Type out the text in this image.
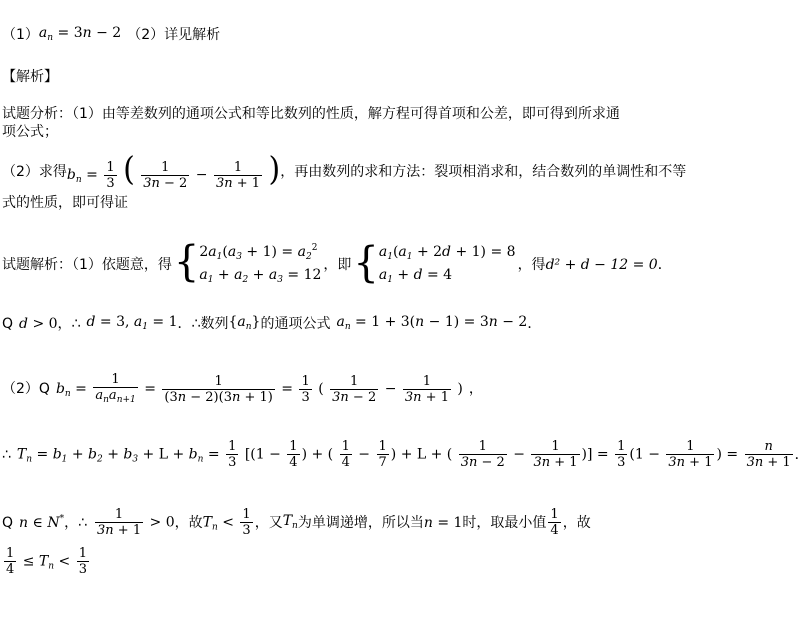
（1） $a_n = 3n - 2$ （2） 详见解析
【解析】
试题分析：（1）由等差数列的通项公式和等比数列的性质，解方程可得首项和公差，即可得到所求通
项公式；
（2）求得 $b_n = \frac{1}{3}$ ( $\frac{1}{3n - 2} - \frac{1}{3n + 1}$ ) ，再由数列的求和方法：裂项相消求和，结合数列的单调性和不等
式的性质，即可得证
试题解析：（1）依题意，得 { $2a_1(a_3 + 1) = a_2^2$
$a_1 + a_2 + a_3 = 12$
，即 { $a_1(a_1 + 2d + 1) = 8$
$a_1 + d = 4$
，得 d² + d − 12 = 0 ．
Q d > 0 ，∴ d = 3, $a_1 = 1$ ．∴数列 $\{a_n\}$ 的通项公式 $a_n = 1 + 3(n - 1) = 3n - 2$ ．
（2） Q $b_n = \frac{1}{a_na_{n+1}} = \frac{1}{(3n - 2)(3n + 1)} = \frac{1}{3}$ ( $\frac{1}{3n - 2} - \frac{1}{3n + 1}$ ) ，
∴ $T_n = b_1 + b_2 + b_3 + L + b_n = \frac{1}{3} [(1 - \frac{1}{4}$ ) + ( $\frac{1}{4} - \frac{1}{7}$ ) + L + ( $\frac{1}{3n - 2} - \frac{1}{3n + 1}$ )] = $\frac{1}{3} (1 - \frac{1}{3n + 1}$ ) = $\frac{n}{3n + 1}$ ．
Q n ∈ N* ，∴ $\frac{1}{3n + 1} > 0$ ，故 $T_n < \frac{1}{3}$ ，又 $T_n$ 为单调递增，所以当 n = 1 时，取最小值 $\frac{1}{4}$ ，故
$\frac{1}{4} \le T_n < \frac{1}{3}$
